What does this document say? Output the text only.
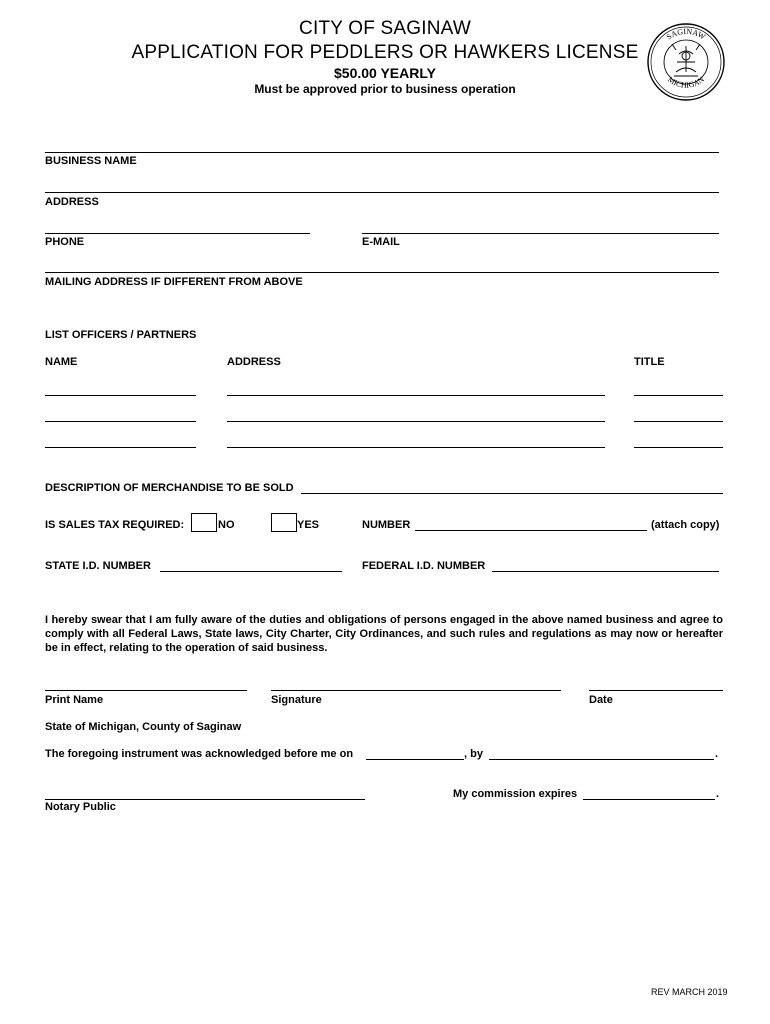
CITY OF SAGINAW
APPLICATION FOR PEDDLERS OR HAWKERS LICENSE
$50.00 YEARLY
Must be approved prior to business operation
SAGINAW
MICHIGAN
BUSINESS NAME
ADDRESS
PHONE	E-MAIL
MAILING ADDRESS IF DIFFERENT FROM ABOVE
LIST OFFICERS / PARTNERS
NAME	ADDRESS	TITLE
DESCRIPTION OF MERCHANDISE TO BE SOLD
IS SALES TAX REQUIRED:	NO	YES	NUMBER	(attach copy)
STATE I.D. NUMBER	FEDERAL I.D. NUMBER
I hereby swear that I am fully aware of the duties and obligations of persons engaged in the above named business and agree to comply with all Federal Laws, State laws, City Charter, City Ordinances, and such rules and regulations as may now or hereafter be in effect, relating to the operation of said business.
Print Name	Signature	Date
State of Michigan, County of Saginaw
The foregoing instrument was acknowledged before me on	, by	.
My commission expires	.
Notary Public
REV MARCH 2019
